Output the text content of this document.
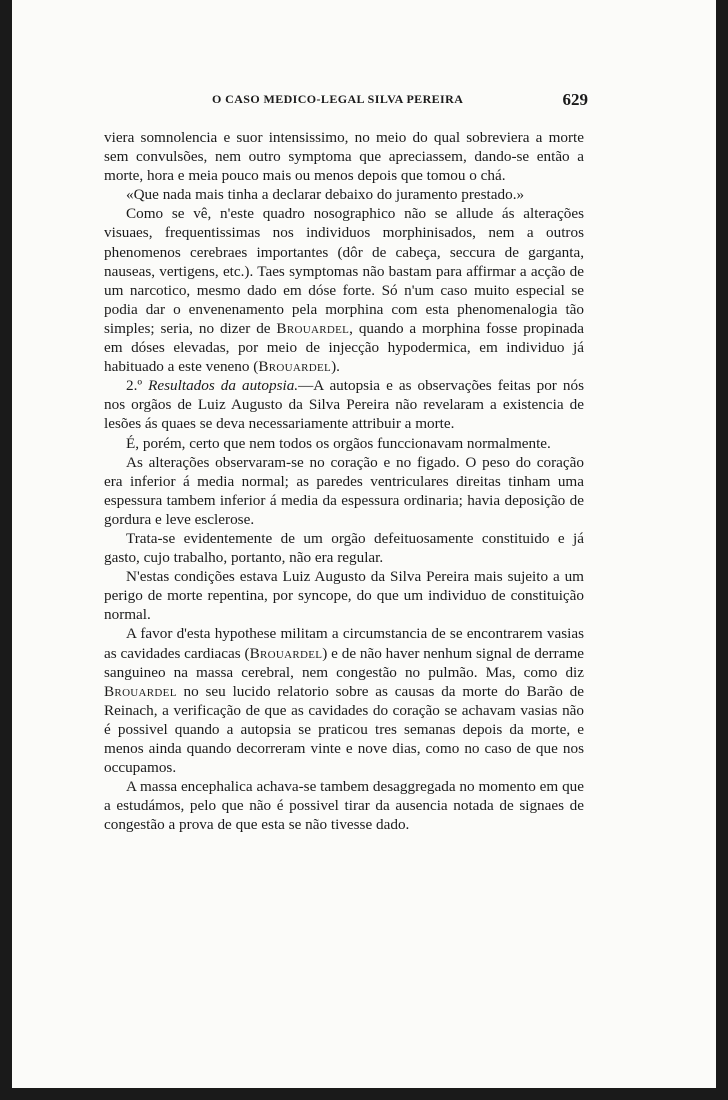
O CASO MEDICO-LEGAL SILVA PEREIRA	629

viera somnolencia e suor intensissimo, no meio do qual sobreviera a morte sem convulsões, nem outro symptoma que apreciassem, dando-se então a morte, hora e meia pouco mais ou menos depois que tomou o chá.

«Que nada mais tinha a declarar debaixo do juramento prestado.»

Como se vê, n'este quadro nosographico não se allude ás alterações visuaes, frequentissimas nos individuos morphinisados, nem a outros phenomenos cerebraes importantes (dôr de cabeça, seccura de garganta, nauseas, vertigens, etc.). Taes symptomas não bastam para affirmar a acção de um narcotico, mesmo dado em dóse forte. Só n'um caso muito especial se podia dar o envenenamento pela morphina com esta phenomenalogia tão simples; seria, no dizer de Brouardel, quando a morphina fosse propinada em dóses elevadas, por meio de injecção hypodermica, em individuo já habituado a este veneno (Brouardel).

2.º Resultados da autopsia.—A autopsia e as observações feitas por nós nos orgãos de Luiz Augusto da Silva Pereira não revelaram a existencia de lesões ás quaes se deva necessariamente attribuir a morte.

É, porém, certo que nem todos os orgãos funccionavam normalmente.

As alterações observaram-se no coração e no figado. O peso do coração era inferior á media normal; as paredes ventriculares direitas tinham uma espessura tambem inferior á media da espessura ordinaria; havia deposição de gordura e leve esclerose.

Trata-se evidentemente de um orgão defeituosamente constituido e já gasto, cujo trabalho, portanto, não era regular.

N'estas condições estava Luiz Augusto da Silva Pereira mais sujeito a um perigo de morte repentina, por syncope, do que um individuo de constituição normal.

A favor d'esta hypothese militam a circumstancia de se encontrarem vasias as cavidades cardiacas (Brouardel) e de não haver nenhum signal de derrame sanguineo na massa cerebral, nem congestão no pulmão. Mas, como diz Brouardel no seu lucido relatorio sobre as causas da morte do Barão de Reinach, a verificação de que as cavidades do coração se achavam vasias não é possivel quando a autopsia se praticou tres semanas depois da morte, e menos ainda quando decorreram vinte e nove dias, como no caso de que nos occupamos.

A massa encephalica achava-se tambem desaggregada no momento em que a estudámos, pelo que não é possivel tirar da ausencia notada de signaes de congestão a prova de que esta se não tivesse dado.
